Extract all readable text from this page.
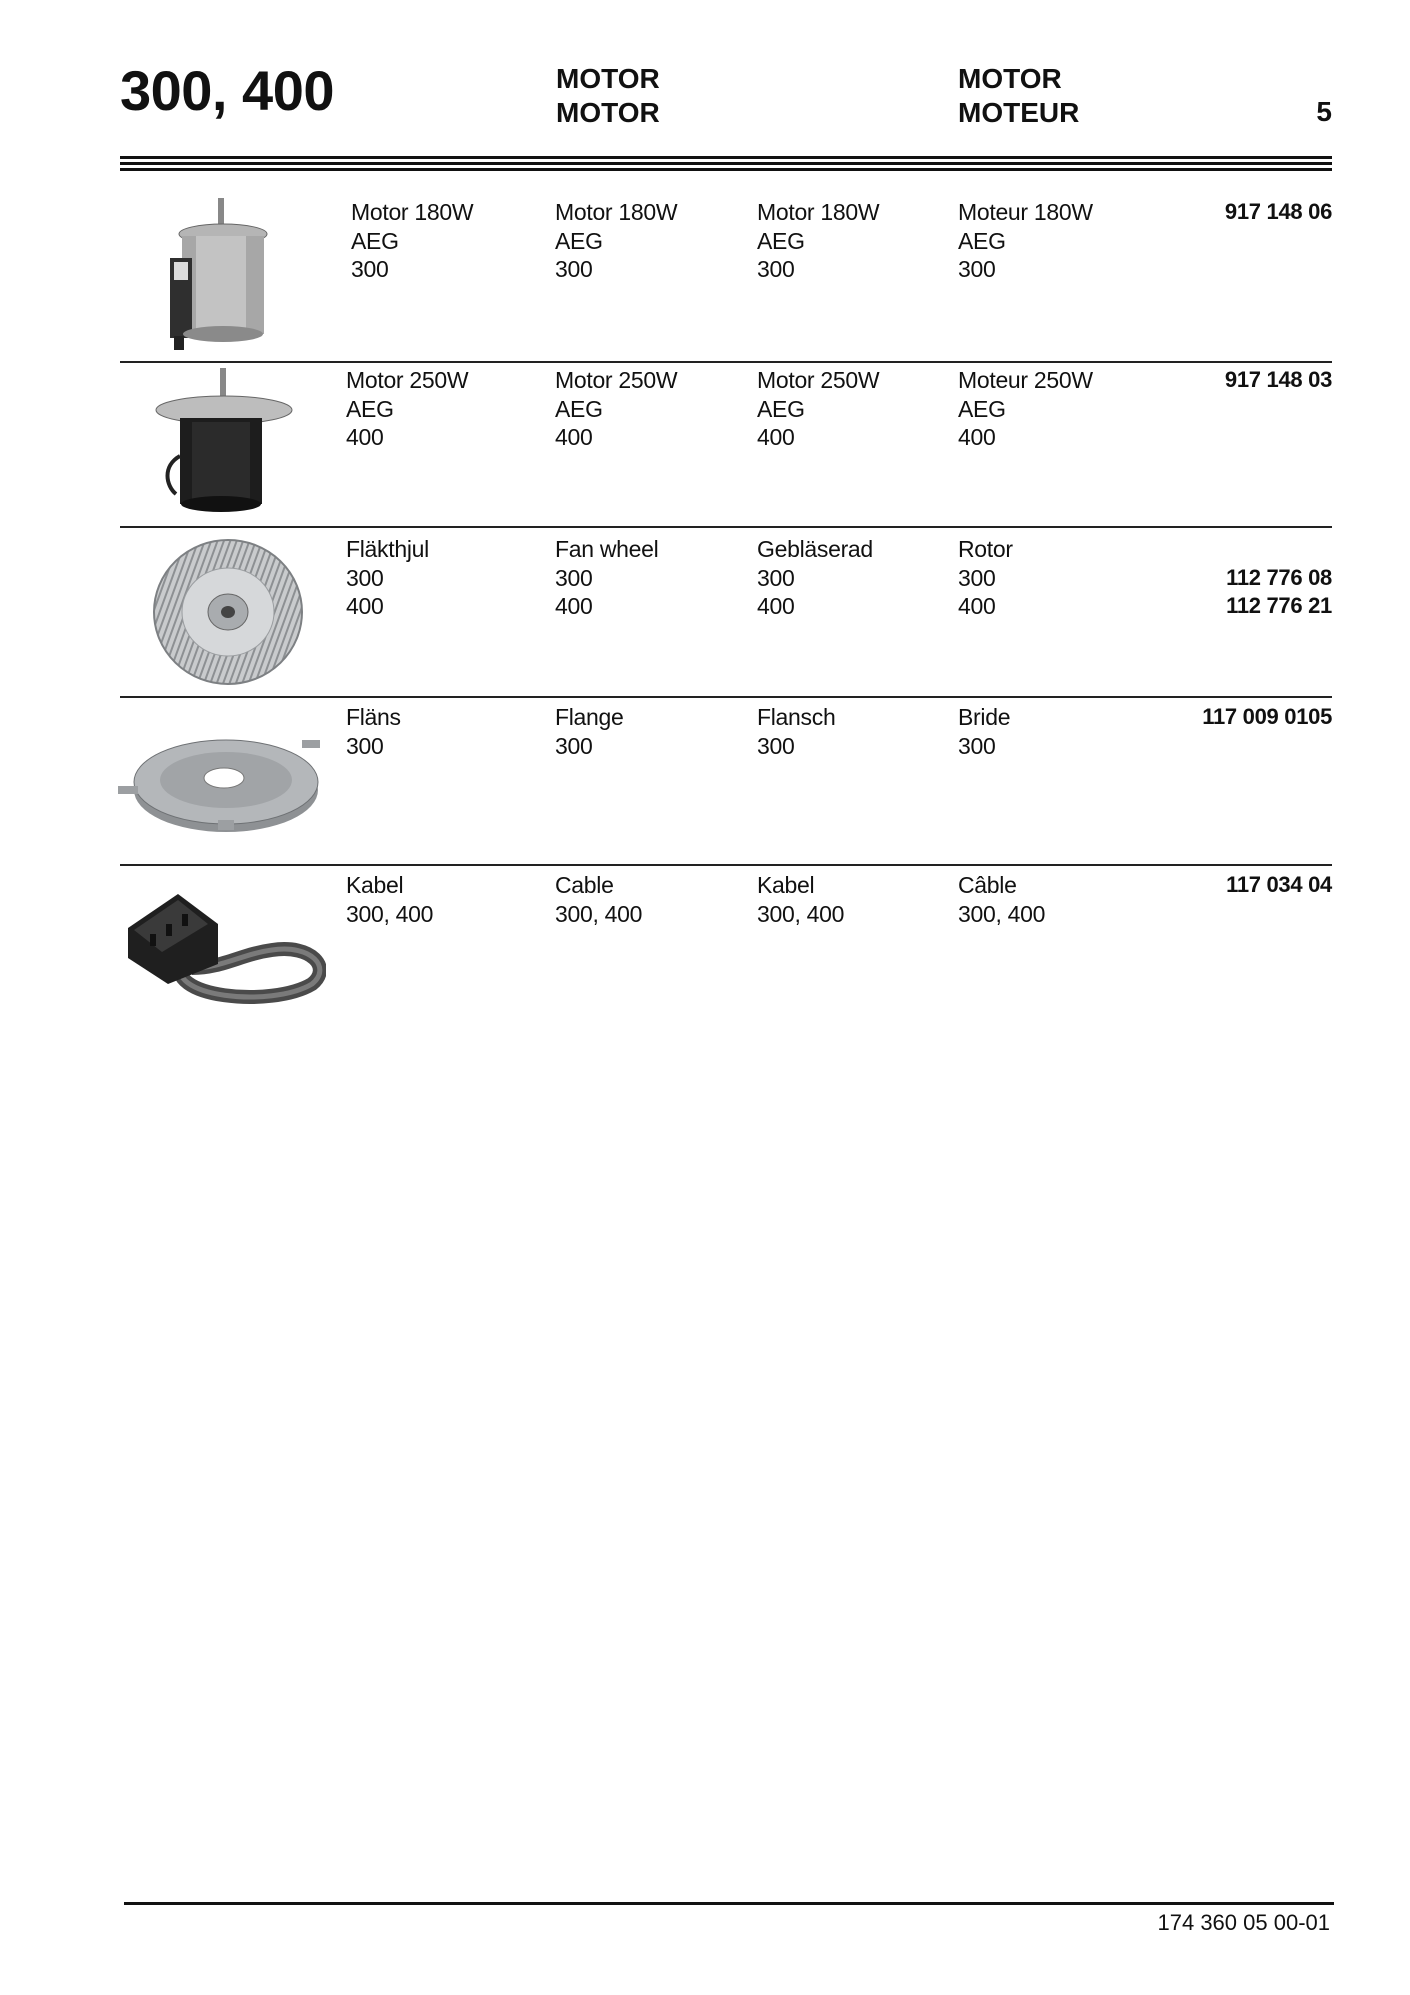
300, 400	MOTOR
MOTOR
MOTOR
MOTEUR	5
Motor 180W
AEG
300
Motor 180W
AEG
300
Motor 180W
AEG
300
Moteur 180W
AEG
300
917 148 06
Motor 250W
AEG
400
Motor 250W
AEG
400
Motor 250W
AEG
400
Moteur 250W
AEG
400
917 148 03
Fläkthjul
300
400
Fan wheel
300
400
Gebläserad
300
400
Rotor
300
400
112 776 08
112 776 21
Fläns
300
Flange
300
Flansch
300
Bride
300
117 009 0105
Kabel
300, 400
Cable
300, 400
Kabel
300, 400
Câble
300, 400
117 034 04
174 360 05 00-01
